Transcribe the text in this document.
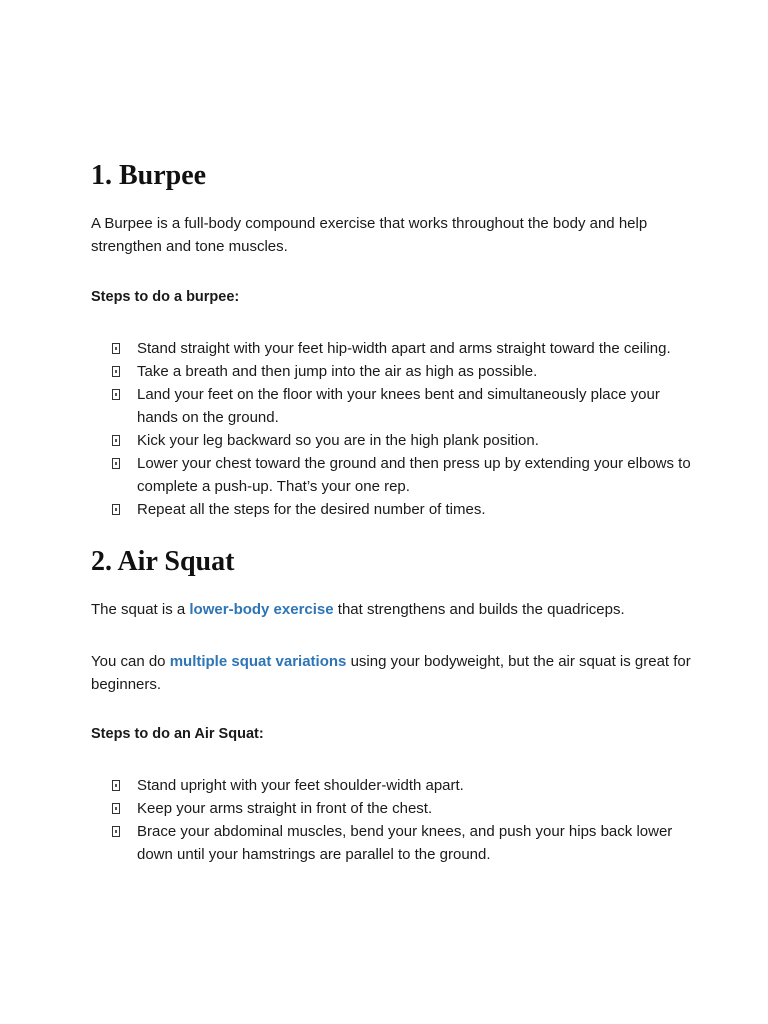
1. Burpee

A Burpee is a full-body compound exercise that works throughout the body and help strengthen and tone muscles.

Steps to do a burpee:

Stand straight with your feet hip-width apart and arms straight toward the ceiling.
Take a breath and then jump into the air as high as possible.
Land your feet on the floor with your knees bent and simultaneously place your hands on the ground.
Kick your leg backward so you are in the high plank position.
Lower your chest toward the ground and then press up by extending your elbows to complete a push-up. That’s your one rep.
Repeat all the steps for the desired number of times.
2. Air Squat

The squat is a lower-body exercise that strengthens and builds the quadriceps.

You can do multiple squat variations using your bodyweight, but the air squat is great for beginners.

Steps to do an Air Squat:

Stand upright with your feet shoulder-width apart.
Keep your arms straight in front of the chest.
Brace your abdominal muscles, bend your knees, and push your hips back lower down until your hamstrings are parallel to the ground.
